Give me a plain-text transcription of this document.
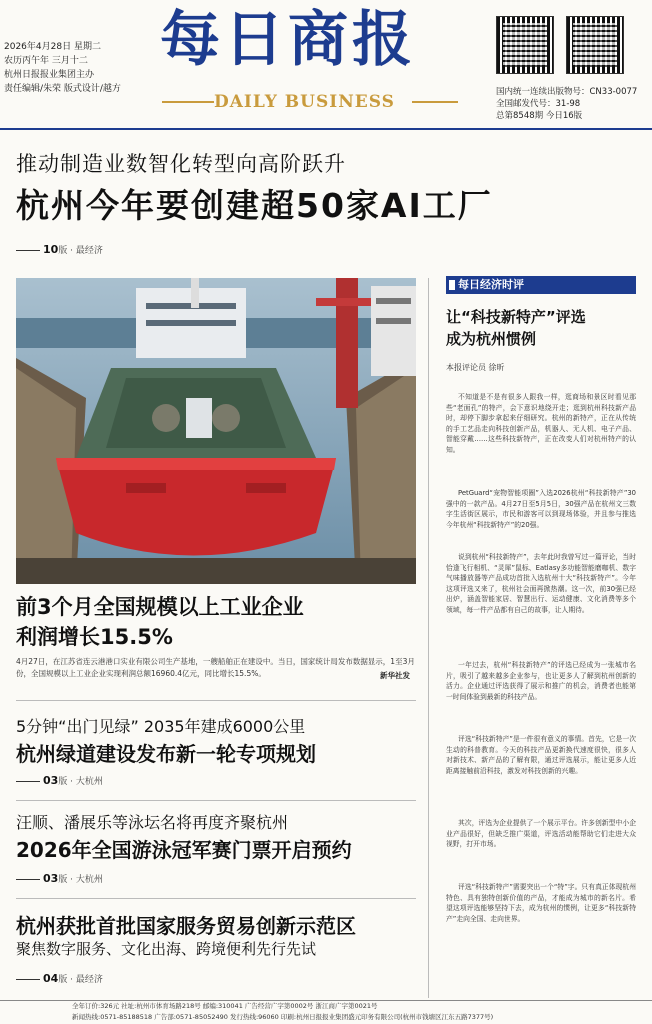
2026年4月28日 星期二
农历丙午年 三月十二
杭州日报报业集团主办
责任编辑/朱荣 版式设计/越方
每日商报
DAILY BUSINESS	国内统一连续出版物号：CN33-0077
全国邮发代号：31-98
总第8548期 今日16版
推动制造业数智化转型向高阶跃升
杭州今年要创建超50家AI工厂
10版 · 最经济
前3个月全国规模以上工业企业
利润增长15.5%
4月27日，在江苏省连云港港口实业有限公司生产基地，一艘船舶正在建设中。当日，国家统计局发布数据显示，1至3月份，全国规模以上工业企业实现利润总额16960.4亿元，同比增长15.5%。	新华社发
5分钟“出门见绿” 2035年建成6000公里
杭州绿道建设发布新一轮专项规划
03版 · 大杭州
汪顺、潘展乐等泳坛名将再度齐聚杭州
2026年全国游泳冠军赛门票开启预约
03版 · 大杭州
杭州获批首批国家服务贸易创新示范区
聚焦数字服务、文化出海、跨境便利先行先试
04版 · 最经济
每日经济时评
让“科技新特产”评选
成为杭州惯例
本报评论员 徐昕
不知道是不是有很多人跟我一样，逛商场和景区时看见那些“老面孔”的特产，会下意识地绕开走；逛到杭州科技新产品时，却停下脚步拿起来仔细研究。杭州的新特产，正在从传统的手工艺品走向科技创新产品，机器人、无人机、电子产品、智能穿戴……这些科技新特产，正在改变人们对杭州特产的认知。
PetGuard“宠物智能项圈”入选2026杭州“科技新特产”30强中的一款产品。4月27日至5月5日，30强产品在杭州文三数字生活街区展示，市民和游客可以到现场体验，并且参与推选今年杭州“科技新特产”的20强。
说到杭州“科技新特产”，去年此时我曾写过一篇评论，当时恰逢飞行相机、“灵犀”鼠标、Eatlasy多功能智能磨咖机、数字气味播放器等产品成功首批入选杭州十大“科技新特产”。今年这项评选又来了，杭州社会面再掀热潮。这一次，前30强已经出炉，涵盖智能家居、智慧出行、运动健康、文化消费等多个领域，每一件产品都有自己的故事，让人期待。
一年过去，杭州“科技新特产”的评选已经成为一张城市名片，吸引了越来越多企业参与，也让更多人了解到杭州创新的活力。企业通过评选获得了展示和推广的机会，消费者也能第一时间体验到最新的科技产品。
评选“科技新特产”是一件很有意义的事情。首先，它是一次生动的科普教育。今天的科技产品更新换代速度很快，很多人对新技术、新产品的了解有限，通过评选展示，能让更多人近距离接触前沿科技，激发对科技创新的兴趣。
其次，评选为企业提供了一个展示平台。许多创新型中小企业产品很好，但缺乏推广渠道，评选活动能帮助它们走进大众视野，打开市场。
评选“科技新特产”需要突出一个“特”字。只有真正体现杭州特色、具有独特创新价值的产品，才能成为城市的新名片。希望这项评选能够坚持下去，成为杭州的惯例，让更多“科技新特产”走向全国、走向世界。
全年订价:326元 社址:杭州市体育场路218号 邮编:310041 广告经营广字第0002号 浙江商广字第0021号
新闻热线:0571-85188518 广告部:0571-85052490 发行热线:96060 印刷:杭州日报报业集团盛元印务有限公司(杭州市钱塘区江东五路7377号)
